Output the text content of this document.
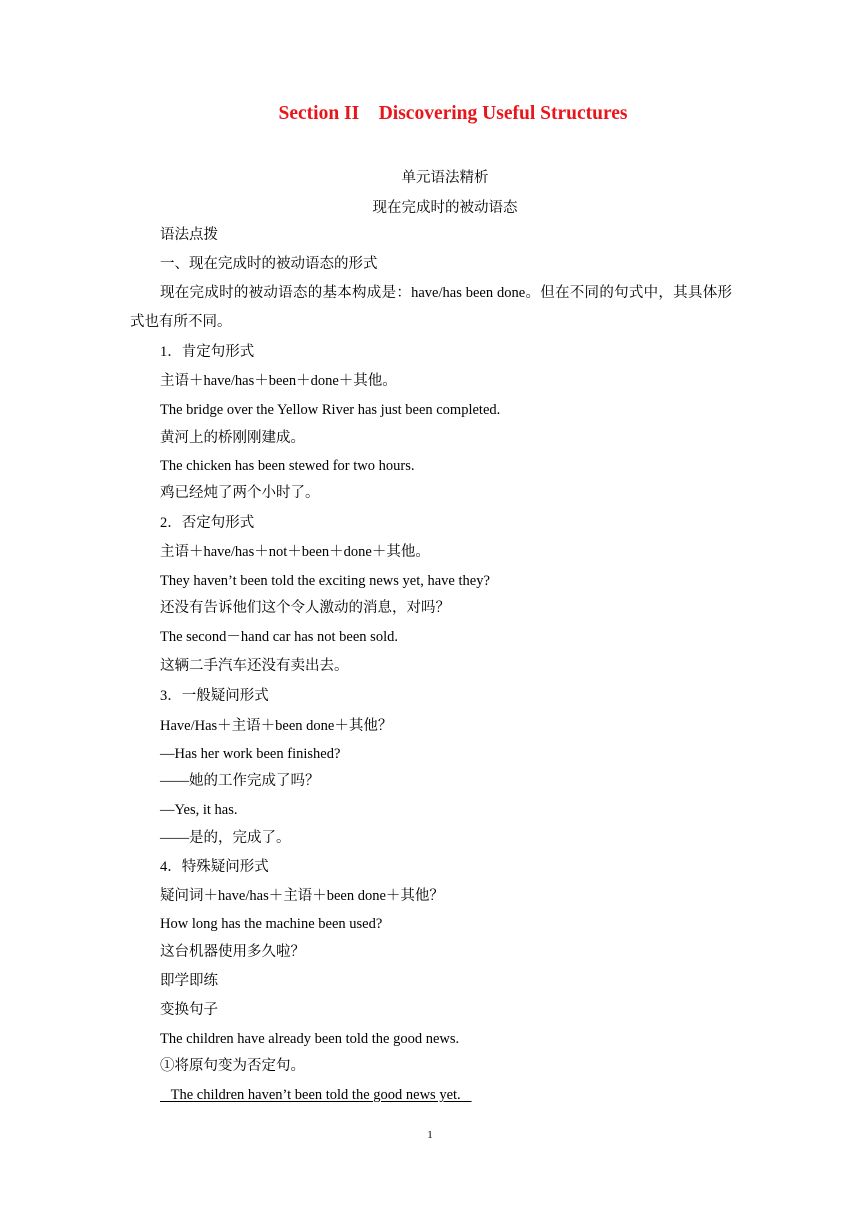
Section II    Discovering Useful Structures
单元语法精析
现在完成时的被动语态
语法点拨
一、现在完成时的被动语态的形式
现在完成时的被动语态的基本构成是：have/has been done。但在不同的句式中，其具体形式也有所不同。
1．肯定句形式
主语＋have/has＋been＋done＋其他。
The bridge over the Yellow River has just been completed.
黄河上的桥刚刚建成。
The chicken has been stewed for two hours.
鸡已经炖了两个小时了。
2．否定句形式
主语＋have/has＋not＋been＋done＋其他。
They haven’t been told the exciting news yet, have they?
还没有告诉他们这个令人激动的消息，对吗？
The second－hand car has not been sold.
这辆二手汽车还没有卖出去。
3．一般疑问形式
Have/Has＋主语＋been done＋其他？
—Has her work been finished?
——她的工作完成了吗？
—Yes, it has.
——是的，完成了。
4．特殊疑问形式
疑问词＋have/has＋主语＋been done＋其他？
How long has the machine been used?
这台机器使用多久啦？
即学即练
变换句子
The children have already been told the good news.
①将原句变为否定句。
The children haven’t been told the good news yet.
1
